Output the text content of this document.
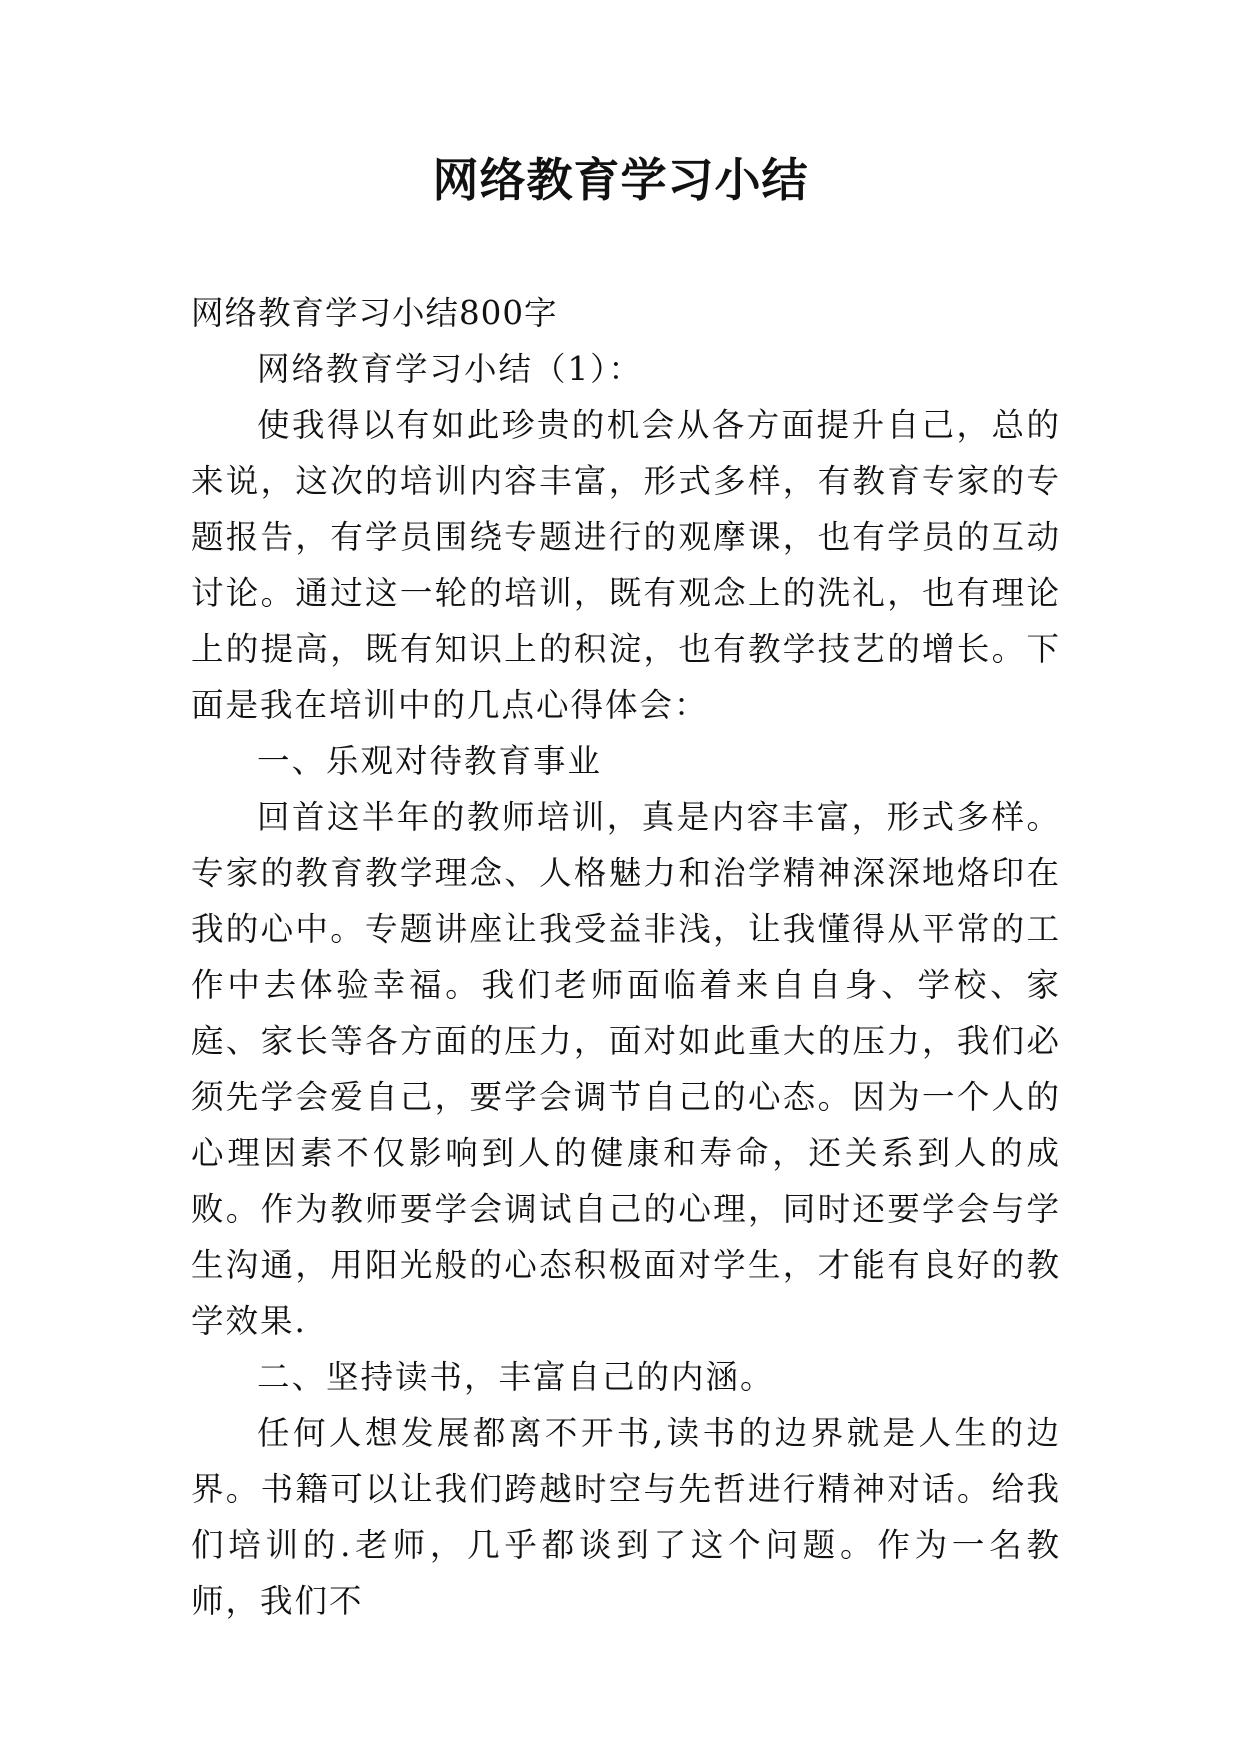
网络教育学习小结

网络教育学习小结800字

网络教育学习小结（1）：

使我得以有如此珍贵的机会从各方面提升自己，总的来说，这次的培训内容丰富，形式多样，有教育专家的专题报告，有学员围绕专题进行的观摩课，也有学员的互动讨论。通过这一轮的培训，既有观念上的洗礼，也有理论上的提高，既有知识上的积淀，也有教学技艺的增长。下面是我在培训中的几点心得体会：

一、乐观对待教育事业

回首这半年的教师培训，真是内容丰富，形式多样。专家的教育教学理念、人格魅力和治学精神深深地烙印在我的心中。专题讲座让我受益非浅，让我懂得从平常的工作中去体验幸福。我们老师面临着来自自身、学校、家庭、家长等各方面的压力，面对如此重大的压力，我们必须先学会爱自己，要学会调节自己的心态。因为一个人的心理因素不仅影响到人的健康和寿命，还关系到人的成败。作为教师要学会调试自己的心理，同时还要学会与学生沟通，用阳光般的心态积极面对学生，才能有良好的教学效果.

二、坚持读书，丰富自己的内涵。

任何人想发展都离不开书,读书的边界就是人生的边界。书籍可以让我们跨越时空与先哲进行精神对话。给我们培训的.老师，几乎都谈到了这个问题。作为一名教师，我们不
